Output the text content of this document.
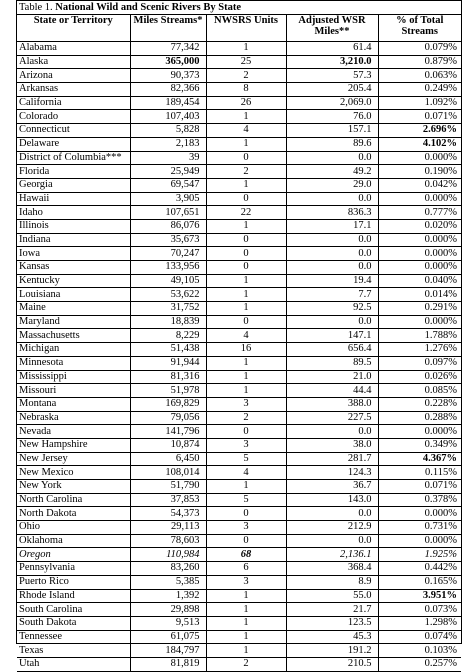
Table 1. National Wild and Scenic Rivers By State
State or Territory	Miles Streams*	NWSRS Units	Adjusted WSR Miles**	% of Total Streams
Alabama	77,342	1	61.4	0.079%
Alaska	365,000	25	3,210.0	0.879%
Arizona	90,373	2	57.3	0.063%
Arkansas	82,366	8	205.4	0.249%
California	189,454	26	2,069.0	1.092%
Colorado	107,403	1	76.0	0.071%
Connecticut	5,828	4	157.1	2.696%
Delaware	2,183	1	89.6	4.102%
District of Columbia***	39	0	0.0	0.000%
Florida	25,949	2	49.2	0.190%
Georgia	69,547	1	29.0	0.042%
Hawaii	3,905	0	0.0	0.000%
Idaho	107,651	22	836.3	0.777%
Illinois	86,076	1	17.1	0.020%
Indiana	35,673	0	0.0	0.000%
Iowa	70,247	0	0.0	0.000%
Kansas	133,956	0	0.0	0.000%
Kentucky	49,105	1	19.4	0.040%
Louisiana	53,622	1	7.7	0.014%
Maine	31,752	1	92.5	0.291%
Maryland	18,839	0	0.0	0.000%
Massachusetts	8,229	4	147.1	1.788%
Michigan	51,438	16	656.4	1.276%
Minnesota	91,944	1	89.5	0.097%
Mississippi	81,316	1	21.0	0.026%
Missouri	51,978	1	44.4	0.085%
Montana	169,829	3	388.0	0.228%
Nebraska	79,056	2	227.5	0.288%
Nevada	141,796	0	0.0	0.000%
New Hampshire	10,874	3	38.0	0.349%
New Jersey	6,450	5	281.7	4.367%
New Mexico	108,014	4	124.3	0.115%
New York	51,790	1	36.7	0.071%
North Carolina	37,853	5	143.0	0.378%
North Dakota	54,373	0	0.0	0.000%
Ohio	29,113	3	212.9	0.731%
Oklahoma	78,603	0	0.0	0.000%
Oregon	110,984	68	2,136.1	1.925%
Pennsylvania	83,260	6	368.4	0.442%
Puerto Rico	5,385	3	8.9	0.165%
Rhode Island	1,392	1	55.0	3.951%
South Carolina	29,898	1	21.7	0.073%
South Dakota	9,513	1	123.5	1.298%
Tennessee	61,075	1	45.3	0.074%
Texas	184,797	1	191.2	0.103%
Utah	81,819	2	210.5	0.257%
